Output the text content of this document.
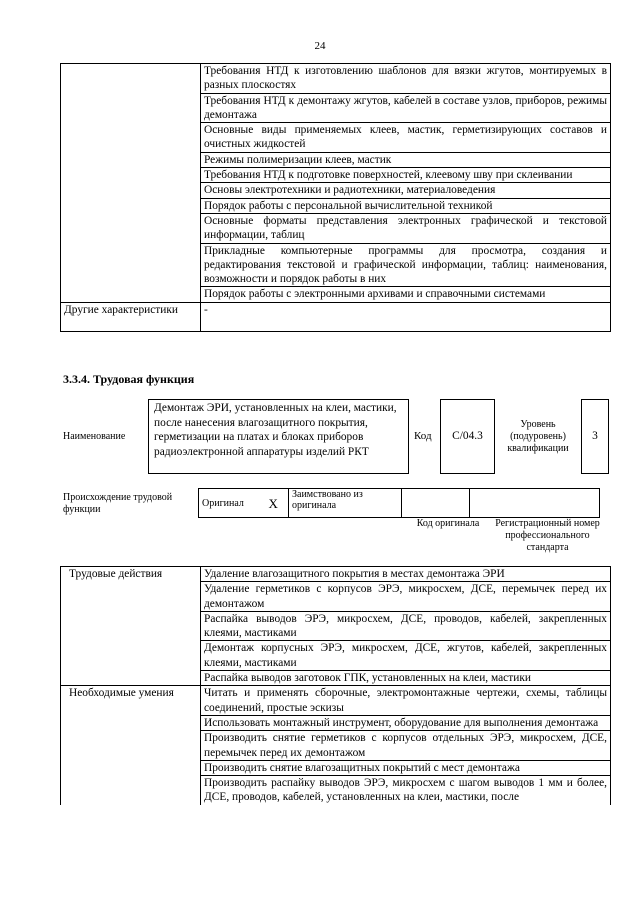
24
	Требования НТД к изготовлению шаблонов для вязки жгутов, монтируемых в разных плоскостях
	Требования НТД к демонтажу жгутов, кабелей в составе узлов, приборов, режимы демонтажа
	Основные виды применяемых клеев, мастик, герметизирующих составов и очистных жидкостей
	Режимы полимеризации клеев, мастик
	Требования НТД к подготовке поверхностей, клеевому шву при склеивании
	Основы электротехники и радиотехники, материаловедения
	Порядок работы с персональной вычислительной техникой
	Основные форматы представления электронных графической и текстовой информации, таблиц
	Прикладные компьютерные программы для просмотра, создания и редактирования текстовой и графической информации, таблиц: наименования, возможности и порядок работы в них
	Порядок работы с электронными архивами и справочными системами
Другие характеристики	-
3.3.4. Трудовая функция
Наименование
Демонтаж ЭРИ, установленных на клеи, мастики, после нанесения влагозащитного покрытия, герметизации на платах и блоках приборов радиоэлектронной аппаратуры изделий РКТ
Код	C/04.3
Уровень (подуровень) квалификации
3
Происхождение трудовой функции
Оригинал	X	Заимствовано из оригинала		
Код оригинала	Регистрационный номер профессионального стандарта
Трудовые действия	Удаление влагозащитного покрытия в местах демонтажа ЭРИ
	Удаление герметиков с корпусов ЭРЭ, микросхем, ДСЕ, перемычек перед их демонтажом
	Распайка выводов ЭРЭ, микросхем, ДСЕ, проводов, кабелей, закрепленных клеями, мастиками
	Демонтаж корпусных ЭРЭ, микросхем, ДСЕ, жгутов, кабелей, закрепленных клеями, мастиками
	Распайка выводов заготовок ГПК, установленных на клеи, мастики
Необходимые умения	Читать и применять сборочные, электромонтажные чертежи, схемы, таблицы соединений, простые эскизы
	Использовать монтажный инструмент, оборудование для выполнения демонтажа
	Производить снятие герметиков с корпусов отдельных ЭРЭ, микросхем, ДСЕ, перемычек перед их демонтажом
	Производить снятие влагозащитных покрытий с мест демонтажа
	Производить распайку выводов ЭРЭ, микросхем с шагом выводов 1 мм и более, ДСЕ, проводов, кабелей, установленных на клеи, мастики, после
